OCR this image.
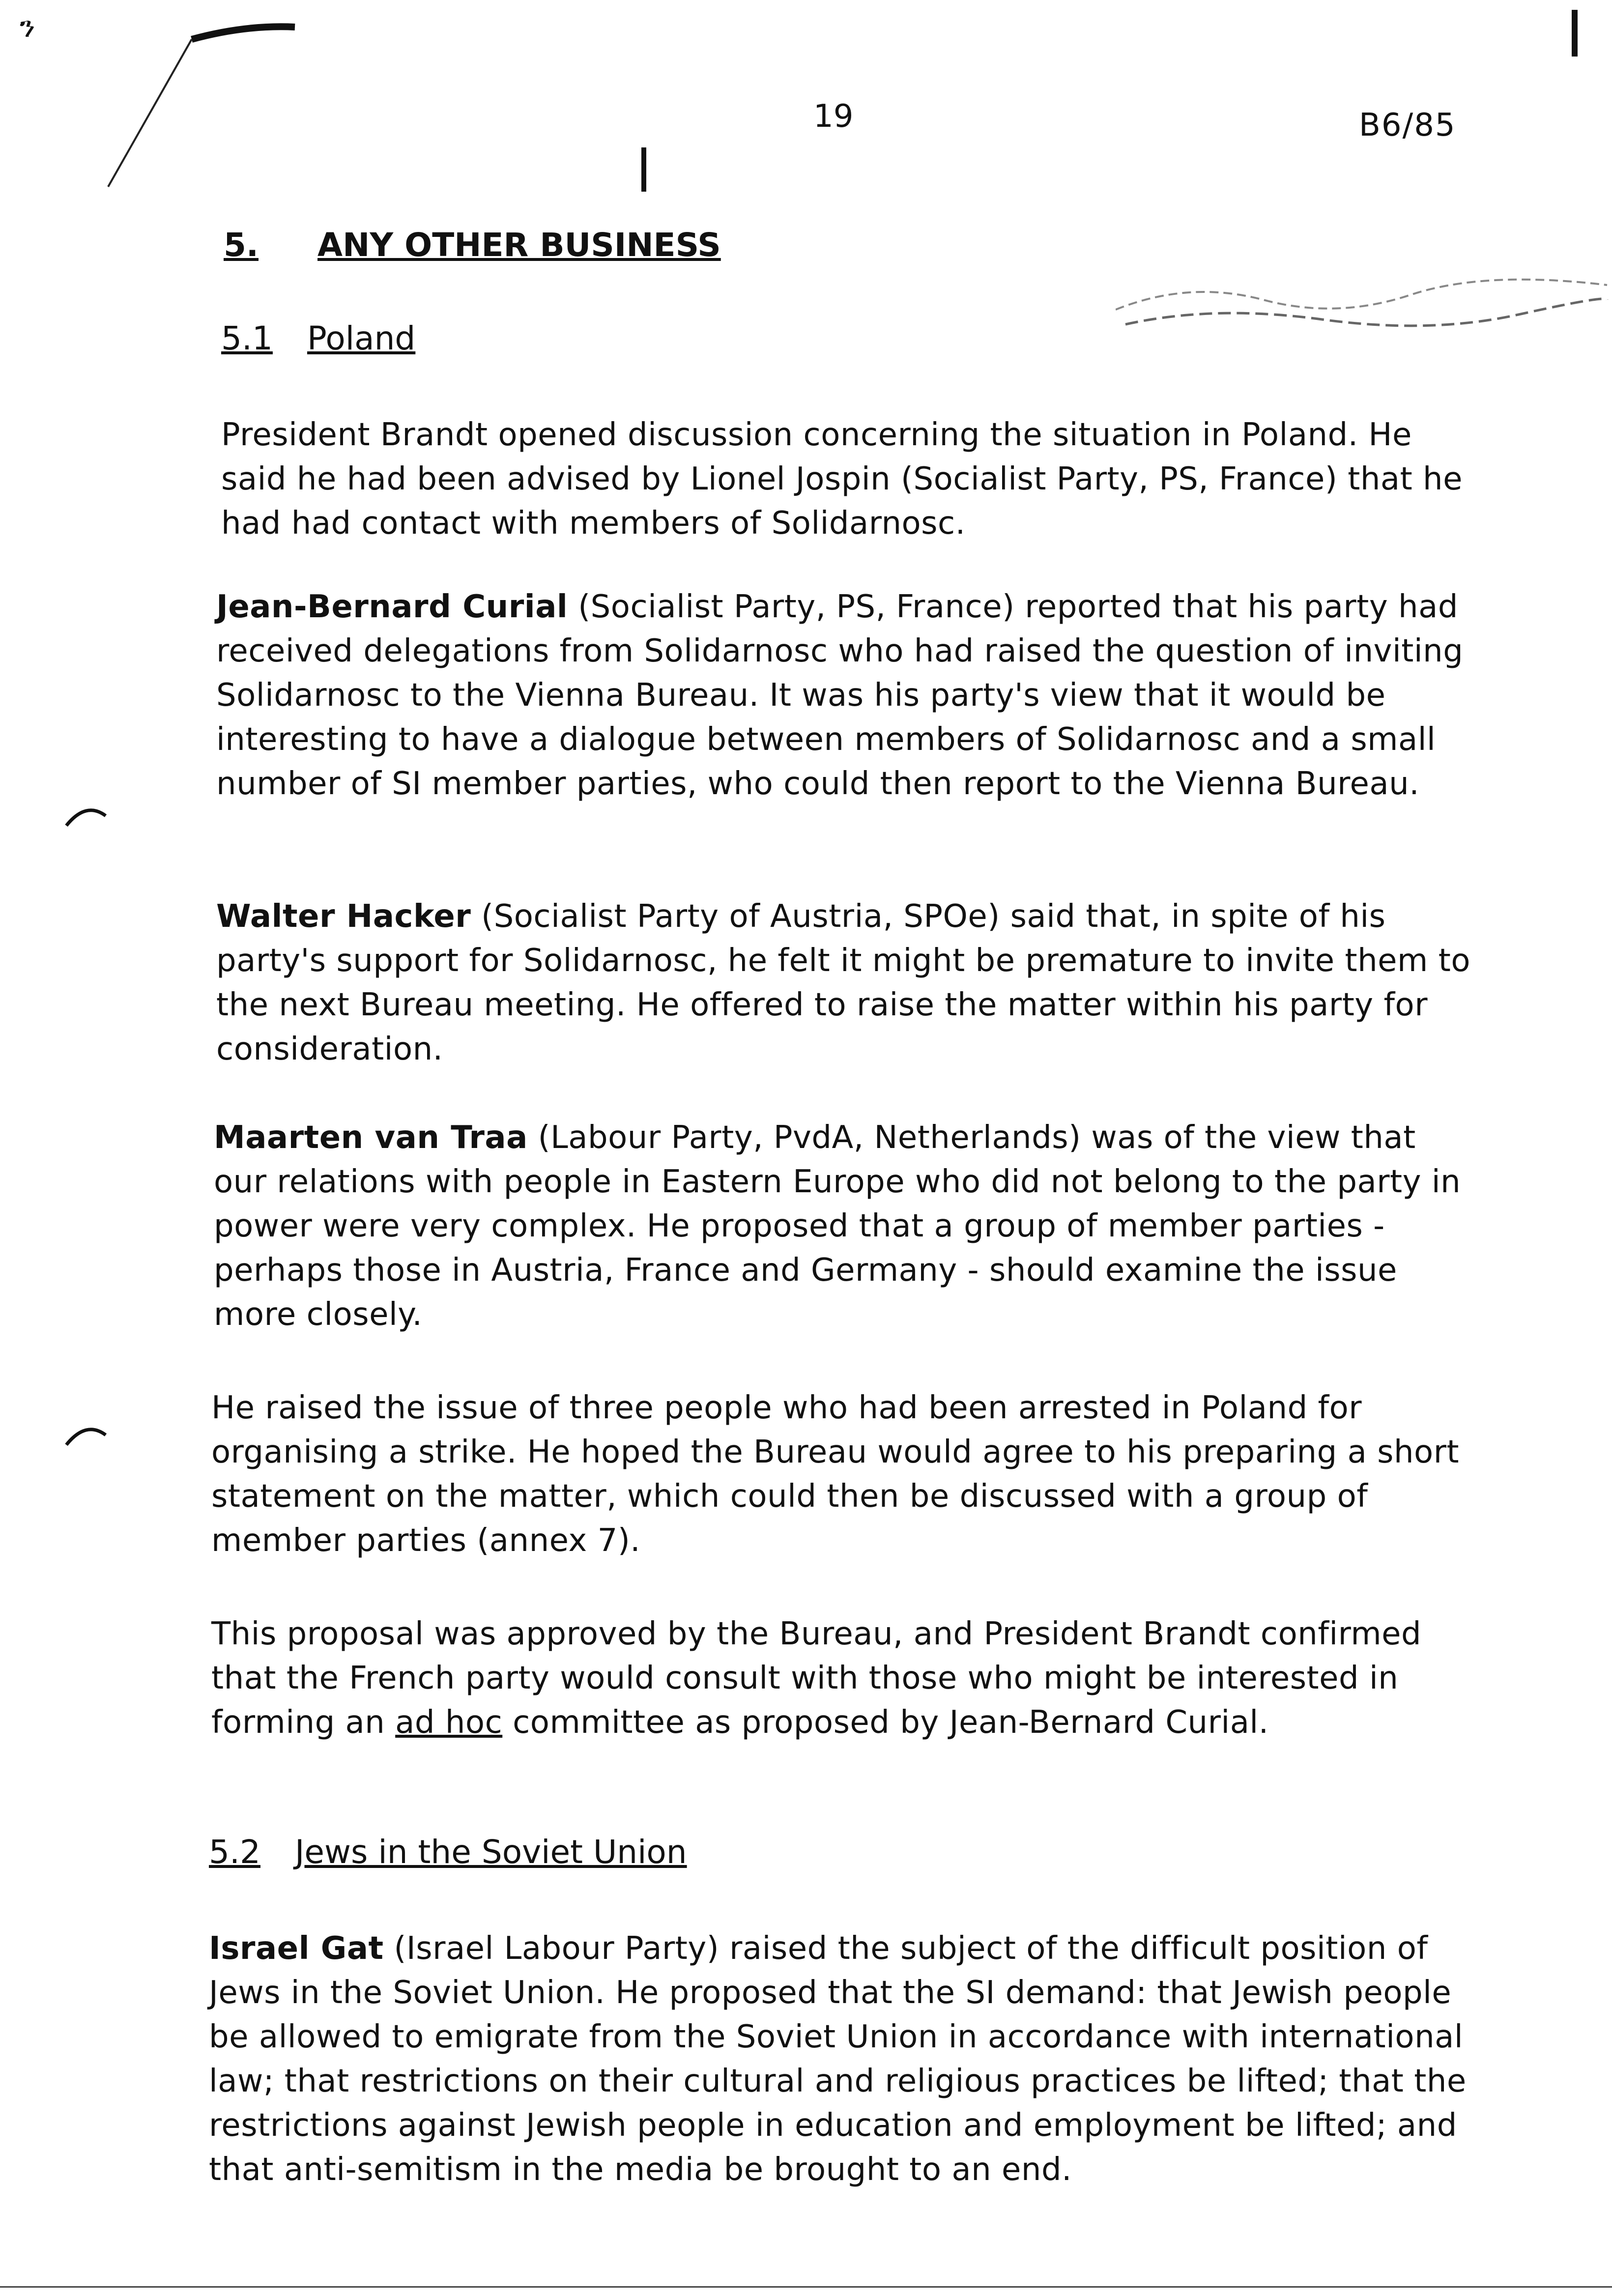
ን
19	B6/85
5. ANY OTHER BUSINESS
5.1 Poland

President Brandt opened discussion concerning the situation in Poland. He said he had been advised by Lionel Jospin (Socialist Party, PS, France) that he had had contact with members of Solidarnosc.

Jean-Bernard Curial (Socialist Party, PS, France) reported that his party had received delegations from Solidarnosc who had raised the question of inviting Solidarnosc to the Vienna Bureau. It was his party's view that it would be interesting to have a dialogue between members of Solidarnosc and a small number of SI member parties, who could then report to the Vienna Bureau.

Walter Hacker (Socialist Party of Austria, SPOe) said that, in spite of his party's support for Solidarnosc, he felt it might be premature to invite them to the next Bureau meeting. He offered to raise the matter within his party for consideration.

Maarten van Traa (Labour Party, PvdA, Netherlands) was of the view that our relations with people in Eastern Europe who did not belong to the party in power were very complex. He proposed that a group of member parties - perhaps those in Austria, France and Germany - should examine the issue more closely.

He raised the issue of three people who had been arrested in Poland for organising a strike. He hoped the Bureau would agree to his preparing a short statement on the matter, which could then be discussed with a group of member parties (annex 7).

This proposal was approved by the Bureau, and President Brandt confirmed that the French party would consult with those who might be interested in forming an ad hoc committee as proposed by Jean-Bernard Curial.

5.2 Jews in the Soviet Union

Israel Gat (Israel Labour Party) raised the subject of the difficult position of Jews in the Soviet Union. He proposed that the SI demand: that Jewish people be allowed to emigrate from the Soviet Union in accordance with international law; that restrictions on their cultural and religious practices be lifted; that the restrictions against Jewish people in education and employment be lifted; and that anti-semitism in the media be brought to an end.
